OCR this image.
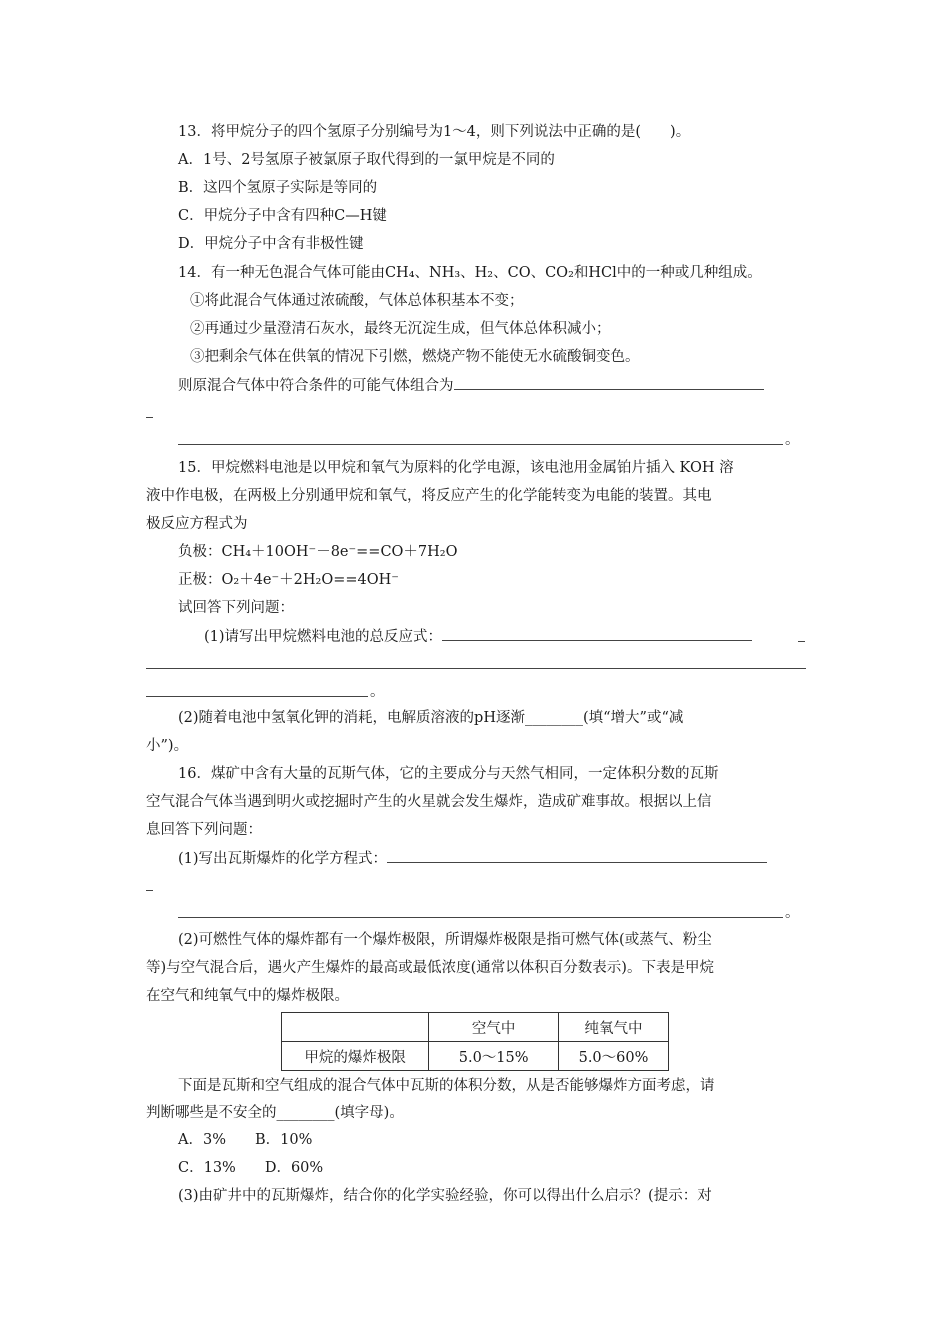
13．将甲烷分子的四个氢原子分别编号为1～4，则下列说法中正确的是(　　)。
A．1号、2号氢原子被氯原子取代得到的一氯甲烷是不同的
B．这四个氢原子实际是等同的
C．甲烷分子中含有四种C—H键
D．甲烷分子中含有非极性键
14．有一种无色混合气体可能由CH₄、NH₃、H₂、CO、CO₂和HCl中的一种或几种组成。
①将此混合气体通过浓硫酸，气体总体积基本不变；
②再通过少量澄清石灰水，最终无沉淀生成，但气体总体积减小；
③把剩余气体在供氧的情况下引燃，燃烧产物不能使无水硫酸铜变色。
则原混合气体中符合条件的可能气体组合为
。
15．甲烷燃料电池是以甲烷和氧气为原料的化学电源，该电池用金属铂片插入 KOH 溶
液中作电极，在两极上分别通甲烷和氧气，将反应产生的化学能转变为电能的装置。其电
极反应方程式为
负极：CH₄＋10OH⁻－8e⁻==CO＋7H₂O
正极：O₂＋4e⁻＋2H₂O==4OH⁻
试回答下列问题：
(1)请写出甲烷燃料电池的总反应式：
。
(2)随着电池中氢氧化钾的消耗，电解质溶液的pH逐渐________(填“增大”或“减
小”)。
16．煤矿中含有大量的瓦斯气体，它的主要成分与天然气相同，一定体积分数的瓦斯
空气混合气体当遇到明火或挖掘时产生的火星就会发生爆炸，造成矿难事故。根据以上信
息回答下列问题：
(1)写出瓦斯爆炸的化学方程式：
。
(2)可燃性气体的爆炸都有一个爆炸极限，所谓爆炸极限是指可燃气体(或蒸气、粉尘
等)与空气混合后，遇火产生爆炸的最高或最低浓度(通常以体积百分数表示)。下表是甲烷
在空气和纯氧气中的爆炸极限。
	空气中	纯氧气中
甲烷的爆炸极限	5.0～15%	5.0～60%
下面是瓦斯和空气组成的混合气体中瓦斯的体积分数，从是否能够爆炸方面考虑，请
判断哪些是不安全的________(填字母)。
A．3%　　B．10%
C．13%　　D．60%
(3)由矿井中的瓦斯爆炸，结合你的化学实验经验，你可以得出什么启示？(提示：对
